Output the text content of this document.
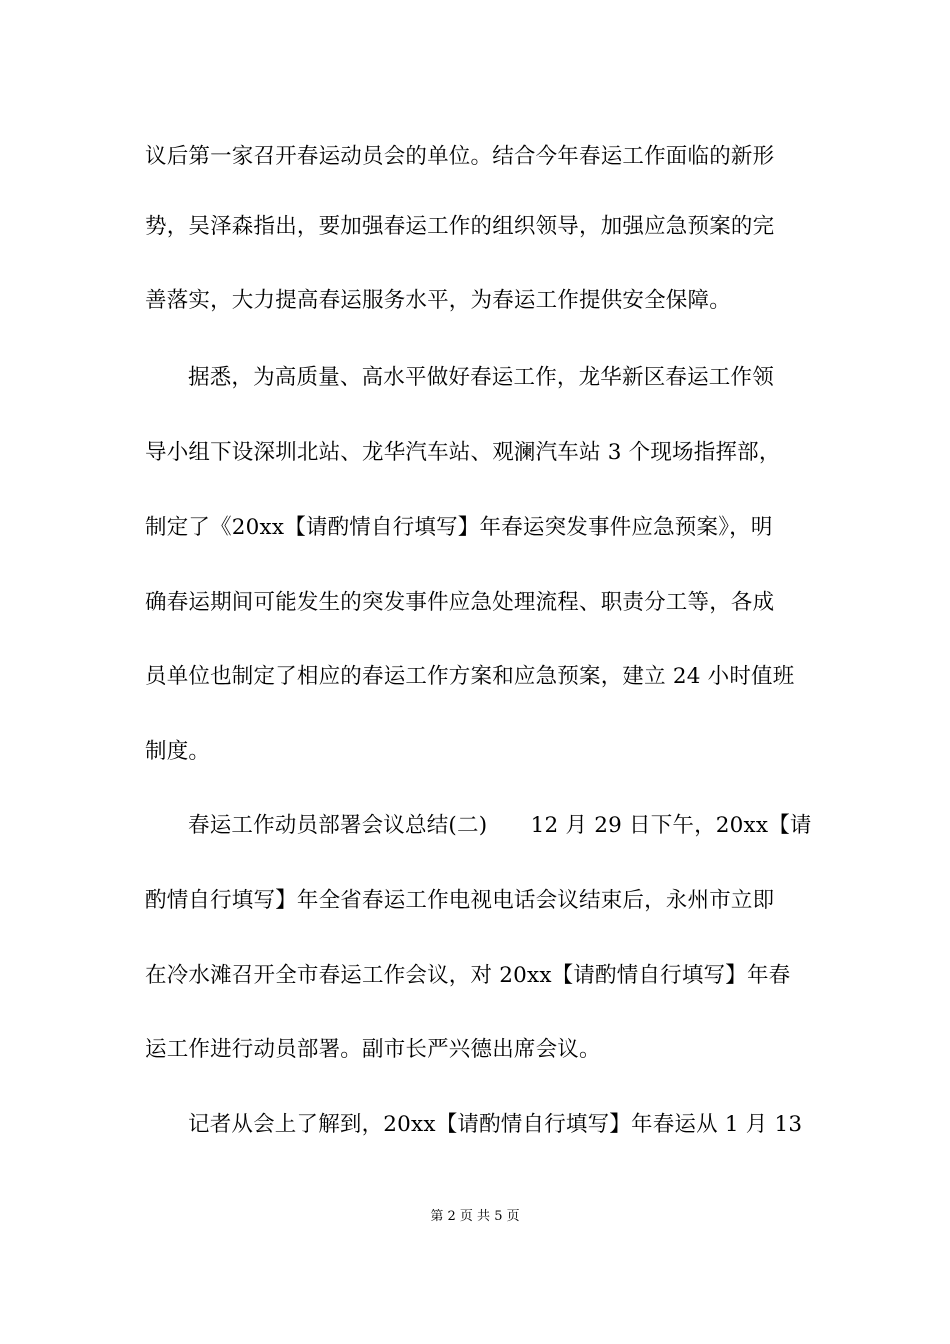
议后第一家召开春运动员会的单位。结合今年春运工作面临的新形
势，吴泽森指出，要加强春运工作的组织领导，加强应急预案的完
善落实，大力提高春运服务水平，为春运工作提供安全保障。
据悉，为高质量、高水平做好春运工作，龙华新区春运工作领
导小组下设深圳北站、龙华汽车站、观澜汽车站 3 个现场指挥部，
制定了《20xx【请酌情自行填写】年春运突发事件应急预案》，明
确春运期间可能发生的突发事件应急处理流程、职责分工等，各成
员单位也制定了相应的春运工作方案和应急预案，建立 24 小时值班
制度。
春运工作动员部署会议总结(二)　　12 月 29 日下午，20xx【请
酌情自行填写】年全省春运工作电视电话会议结束后，永州市立即
在冷水滩召开全市春运工作会议，对 20xx【请酌情自行填写】年春
运工作进行动员部署。副市长严兴德出席会议。
记者从会上了解到，20xx【请酌情自行填写】年春运从 1 月 13
第 2 页 共 5 页
